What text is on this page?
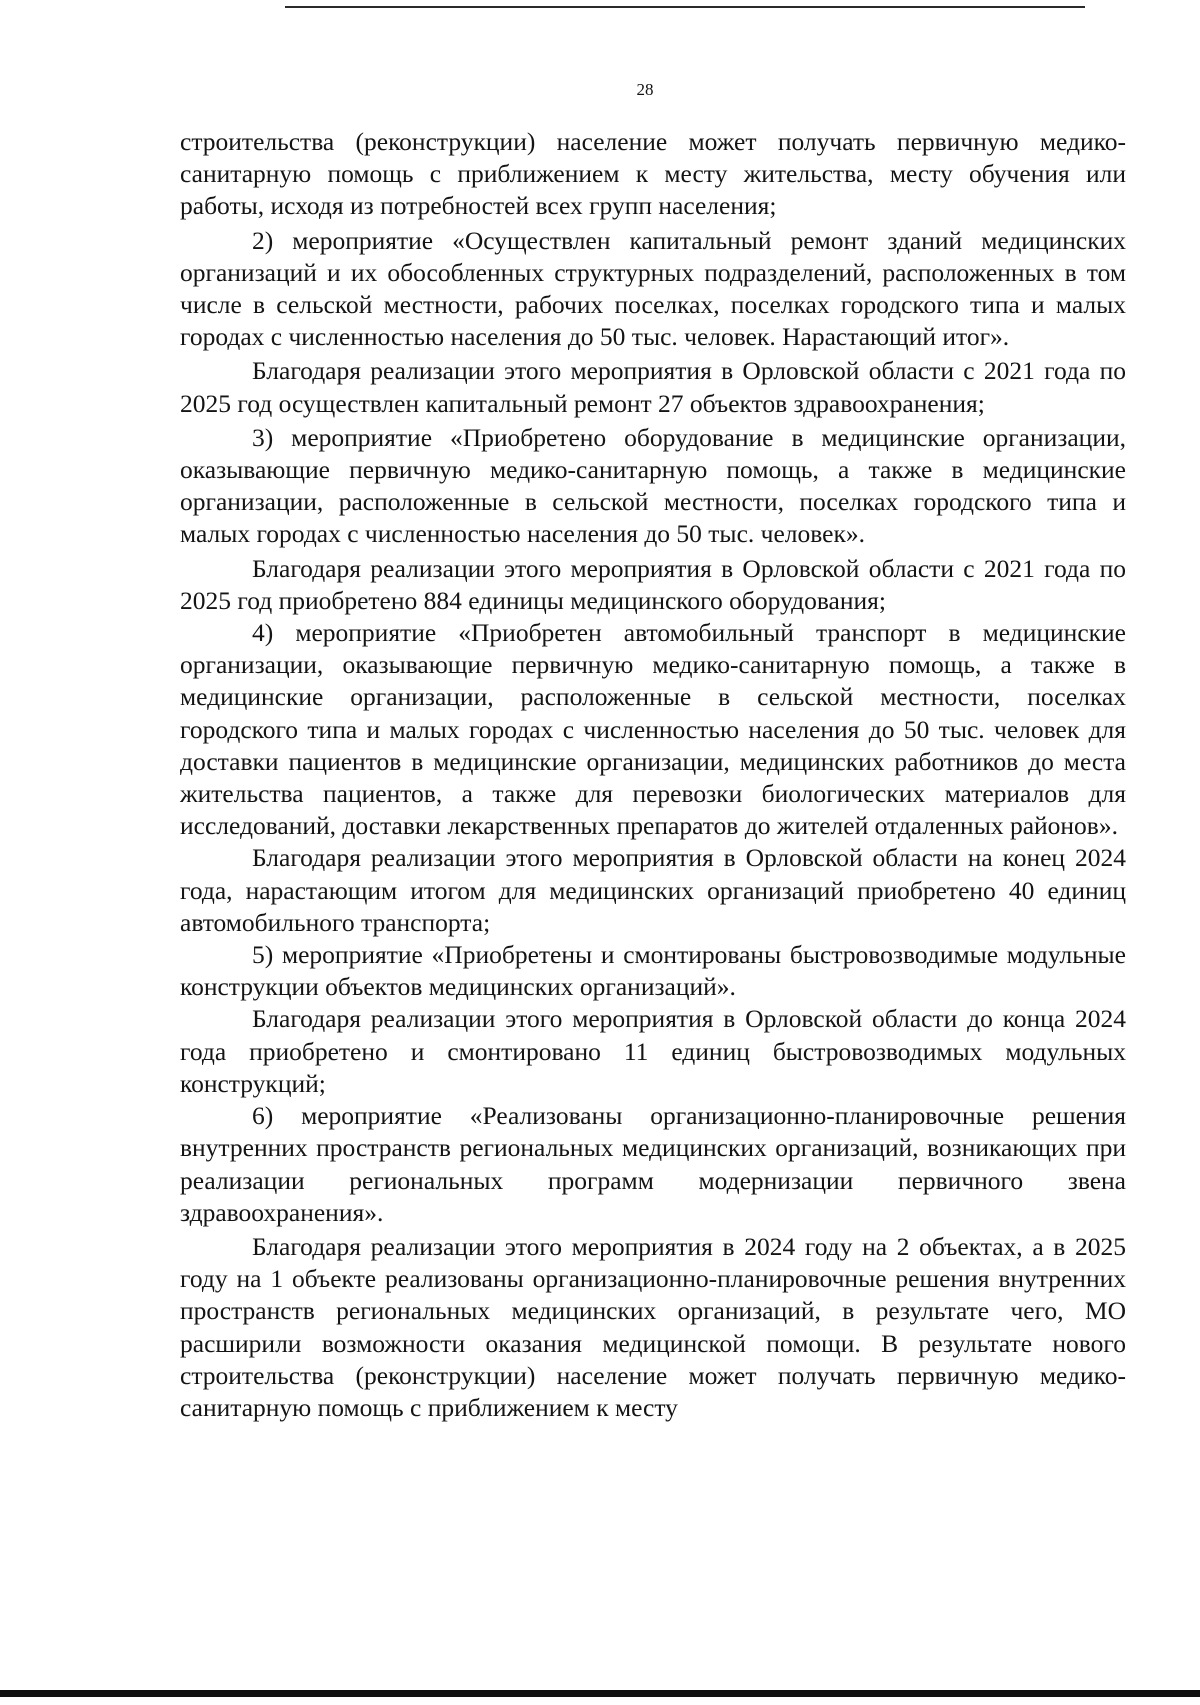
28

строительства (реконструкции) население может получать первичную медико-санитарную помощь с приближением к месту жительства, месту обучения или работы, исходя из потребностей всех групп населения;

2) мероприятие «Осуществлен капитальный ремонт зданий медицинских организаций и их обособленных структурных подразделений, расположенных в том числе в сельской местности, рабочих поселках, поселках городского типа и малых городах с численностью населения до 50 тыс. человек. Нарастающий итог».

Благодаря реализации этого мероприятия в Орловской области с 2021 года по 2025 год осуществлен капитальный ремонт 27 объектов здравоохранения;

3) мероприятие «Приобретено оборудование в медицинские организации, оказывающие первичную медико-санитарную помощь, а также в медицинские организации, расположенные в сельской местности, поселках городского типа и малых городах с численностью населения до 50 тыс. человек».

Благодаря реализации этого мероприятия в Орловской области с 2021 года по 2025 год приобретено 884 единицы медицинского оборудования;

4) мероприятие «Приобретен автомобильный транспорт в медицинские организации, оказывающие первичную медико-санитарную помощь, а также в медицинские организации, расположенные в сельской местности, поселках городского типа и малых городах с численностью населения до 50 тыс. человек для доставки пациентов в медицинские организации, медицинских работников до места жительства пациентов, а также для перевозки биологических материалов для исследований, доставки лекарственных препаратов до жителей отдаленных районов».

Благодаря реализации этого мероприятия в Орловской области на конец 2024 года, нарастающим итогом для медицинских организаций приобретено 40 единиц автомобильного транспорта;

5) мероприятие «Приобретены и смонтированы быстровозводимые модульные конструкции объектов медицинских организаций».

Благодаря реализации этого мероприятия в Орловской области до конца 2024 года приобретено и смонтировано 11 единиц быстровозводимых модульных конструкций;

6) мероприятие «Реализованы организационно-планировочные решения внутренних пространств региональных медицинских организаций, возникающих при реализации региональных программ модернизации первичного звена здравоохранения».

Благодаря реализации этого мероприятия в 2024 году на 2 объектах, а в 2025 году на 1 объекте реализованы организационно-планировочные решения внутренних пространств региональных медицинских организаций, в результате чего, МО расширили возможности оказания медицинской помощи. В результате нового строительства (реконструкции) население может получать первичную медико-санитарную помощь с приближением к месту
